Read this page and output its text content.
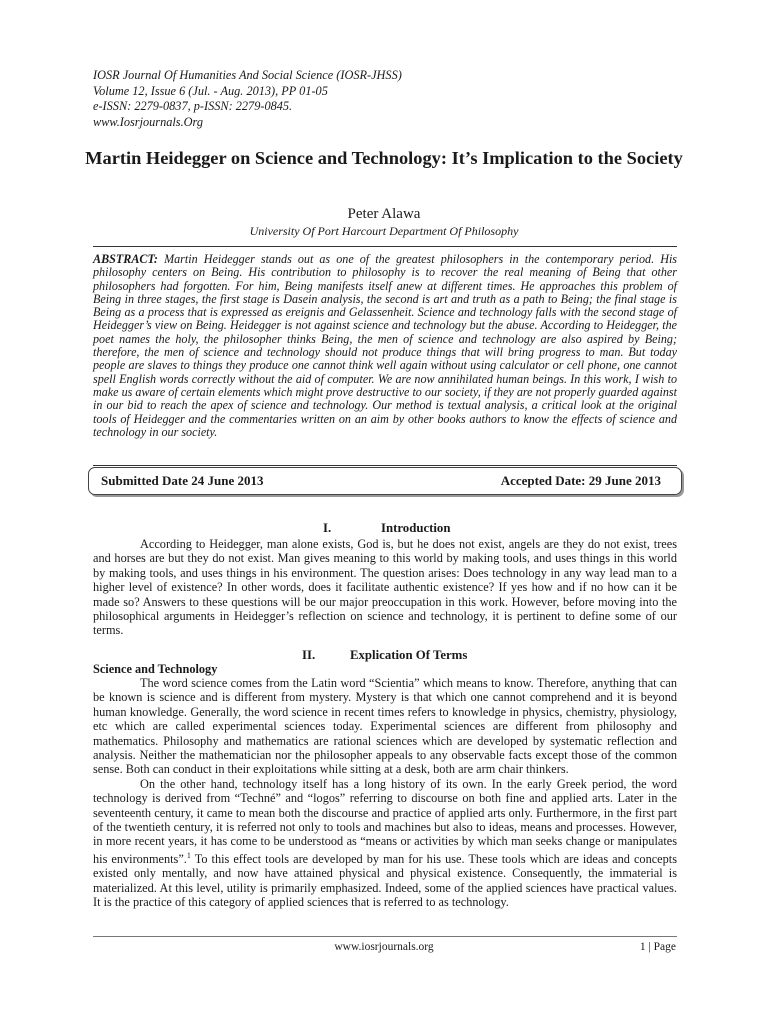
IOSR Journal Of Humanities And Social Science (IOSR-JHSS)
Volume 12, Issue 6 (Jul. - Aug. 2013), PP 01-05
e-ISSN: 2279-0837, p-ISSN: 2279-0845.
www.Iosrjournals.Org
Martin Heidegger on Science and Technology: It’s Implication to the Society
Peter Alawa
University Of Port Harcourt Department Of Philosophy
ABSTRACT: Martin Heidegger stands out as one of the greatest philosophers in the contemporary period. His philosophy centers on Being. His contribution to philosophy is to recover the real meaning of Being that other philosophers had forgotten. For him, Being manifests itself anew at different times. He approaches this problem of Being in three stages, the first stage is Dasein analysis, the second is art and truth as a path to Being; the final stage is Being as a process that is expressed as ereignis and Gelassenheit. Science and technology falls with the second stage of Heidegger’s view on Being. Heidegger is not against science and technology but the abuse. According to Heidegger, the poet names the holy, the philosopher thinks Being, the men of science and technology are also aspired by Being; therefore, the men of science and technology should not produce things that will bring progress to man. But today people are slaves to things they produce one cannot think well again without using calculator or cell phone, one cannot spell English words correctly without the aid of computer. We are now annihilated human beings. In this work, I wish to make us aware of certain elements which might prove destructive to our society, if they are not properly guarded against in our bid to reach the apex of science and technology. Our method is textual analysis, a critical look at the original tools of Heidegger and the commentaries written on an aim by other books authors to know the effects of science and technology in our society.
Submitted Date 24 June 2013	Accepted Date: 29 June 2013
I.	Introduction

According to Heidegger, man alone exists, God is, but he does not exist, angels are they do not exist, trees and horses are but they do not exist. Man gives meaning to this world by making tools, and uses things in this world by making tools, and uses things in his environment. The question arises: Does technology in any way lead man to a higher level of existence? In other words, does it facilitate authentic existence? If yes how and if no how can it be made so? Answers to these questions will be our major preoccupation in this work. However, before moving into the philosophical arguments in Heidegger’s reflection on science and technology, it is pertinent to define some of our terms.

II.	Explication Of Terms
Science and Technology

The word science comes from the Latin word “Scientia” which means to know. Therefore, anything that can be known is science and is different from mystery. Mystery is that which one cannot comprehend and it is beyond human knowledge. Generally, the word science in recent times refers to knowledge in physics, chemistry, physiology, etc which are called experimental sciences today. Experimental sciences are different from philosophy and mathematics. Philosophy and mathematics are rational sciences which are developed by systematic reflection and analysis. Neither the mathematician nor the philosopher appeals to any observable facts except those of the common sense. Both can conduct in their exploitations while sitting at a desk, both are arm chair thinkers.

On the other hand, technology itself has a long history of its own. In the early Greek period, the word technology is derived from “Techné” and “logos” referring to discourse on both fine and applied arts. Later in the seventeenth century, it came to mean both the discourse and practice of applied arts only. Furthermore, in the first part of the twentieth century, it is referred not only to tools and machines but also to ideas, means and processes. However, in more recent years, it has come to be understood as “means or activities by which man seeks change or manipulates his environments”.$^1$ To this effect tools are developed by man for his use. These tools which are ideas and concepts existed only mentally, and now have attained physical and physical existence. Consequently, the immaterial is materialized. At this level, utility is primarily emphasized. Indeed, some of the applied sciences have practical values. It is the practice of this category of applied sciences that is referred to as technology.

www.iosrjournals.org	1 | Page
